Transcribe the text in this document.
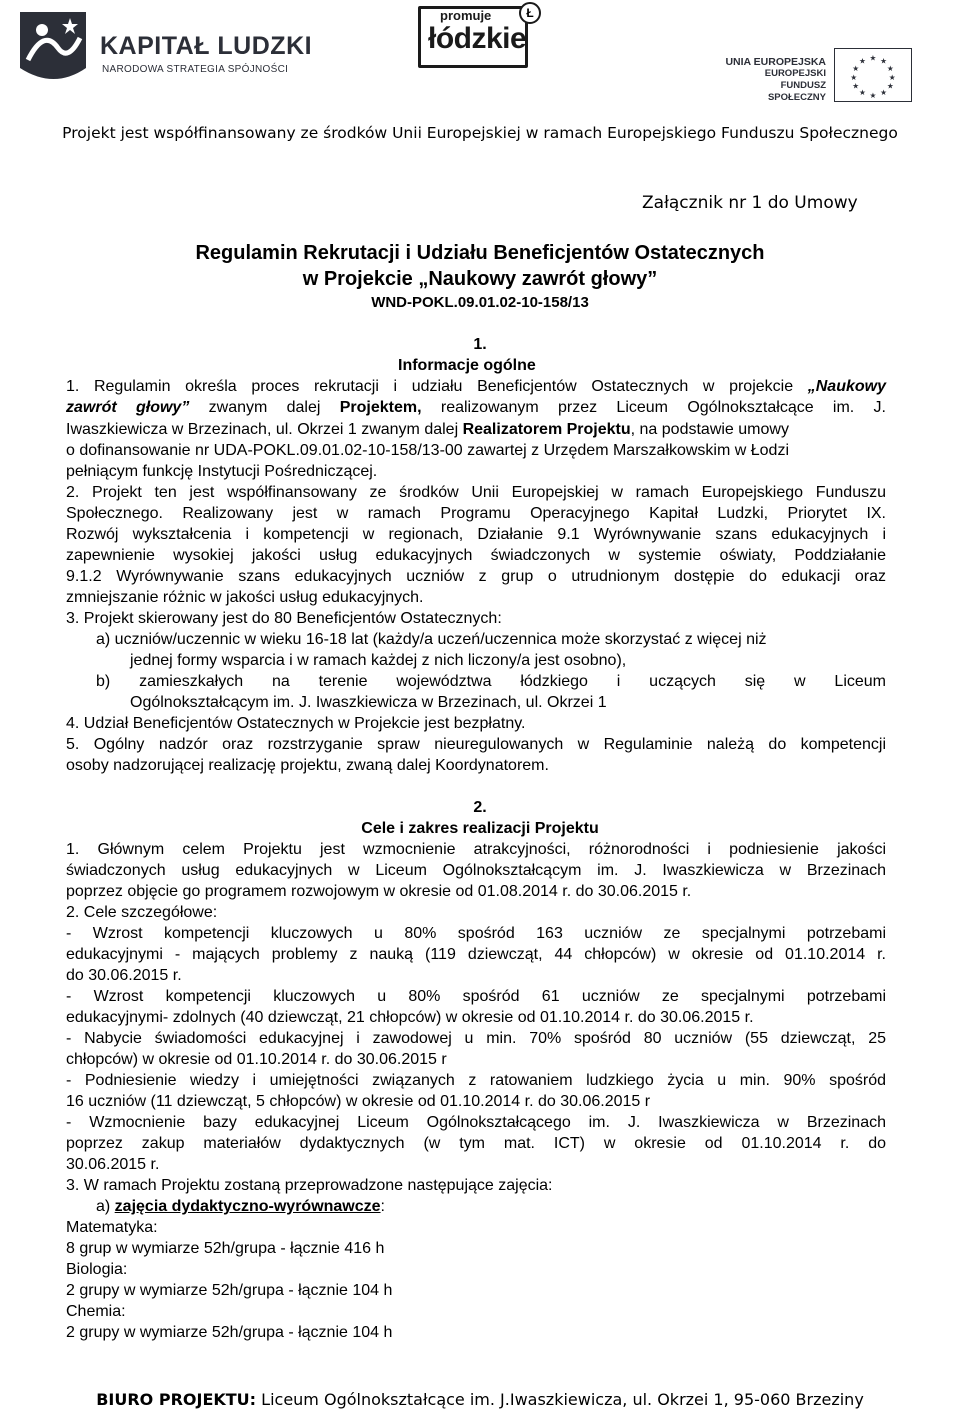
KAPITAŁ LUDZKI
NARODOWA STRATEGIA SPÓJNOŚCI
promuje
łódzkie
Ł
UNIA EUROPEJSKA
EUROPEJSKI
FUNDUSZ SPOŁECZNY
★ ★
★
★
★
★
★
★
★
★
★
★
Projekt jest współfinansowany ze środków Unii Europejskiej w ramach Europejskiego Funduszu Społecznego
Załącznik nr 1 do Umowy
Regulamin Rekrutacji i Udziału Beneficjentów Ostatecznych
w Projekcie „Naukowy zawrót głowy”
WND-POKL.09.01.02-10-158/13
1.
Informacje ogólne
1. Regulamin określa proces rekrutacji i udziału Beneficjentów Ostatecznych w projekcie „Naukowy
zawrót głowy” zwanym dalej Projektem, realizowanym przez Liceum Ogólnokształcące im. J.
Iwaszkiewicza w Brzezinach, ul. Okrzei 1 zwanym dalej Realizatorem Projektu, na podstawie umowy
o dofinansowanie nr UDA-POKL.09.01.02-10-158/13-00 zawartej z Urzędem Marszałkowskim w Łodzi
pełniącym funkcję Instytucji Pośredniczącej.
2. Projekt ten jest współfinansowany ze środków Unii Europejskiej w ramach Europejskiego Funduszu
Społecznego. Realizowany jest w ramach Programu Operacyjnego Kapitał Ludzki, Priorytet IX.
Rozwój wykształcenia i kompetencji w regionach, Działanie 9.1 Wyrównywanie szans edukacyjnych i
zapewnienie wysokiej jakości usług edukacyjnych świadczonych w systemie oświaty, Poddziałanie
9.1.2 Wyrównywanie szans edukacyjnych uczniów z grup o utrudnionym dostępie do edukacji oraz
zmniejszanie różnic w jakości usług edukacyjnych.
3. Projekt skierowany jest do 80 Beneficjentów Ostatecznych:
a) uczniów/uczennic w wieku 16-18 lat (każdy/a uczeń/uczennica może skorzystać z więcej niż
jednej formy wsparcia i w ramach każdej z nich liczony/a jest osobno),
b) zamieszkałych na terenie województwa łódzkiego i uczących się w Liceum
Ogólnokształcącym im. J. Iwaszkiewicza w Brzezinach, ul. Okrzei 1
4. Udział Beneficjentów Ostatecznych w Projekcie jest bezpłatny.
5. Ogólny nadzór oraz rozstrzyganie spraw nieuregulowanych w Regulaminie należą do kompetencji
osoby nadzorującej realizację projektu, zwaną dalej Koordynatorem.
2.
Cele i zakres realizacji Projektu
1. Głównym celem Projektu jest wzmocnienie atrakcyjności, różnorodności i podniesienie jakości
świadczonych usług edukacyjnych w Liceum Ogólnokształcącym im. J. Iwaszkiewicza w Brzezinach
poprzez objęcie go programem rozwojowym w okresie od 01.08.2014 r. do 30.06.2015 r.
2. Cele szczegółowe:
- Wzrost kompetencji kluczowych u 80% spośród 163 uczniów ze specjalnymi potrzebami
edukacyjnymi - mających problemy z nauką (119 dziewcząt, 44 chłopców) w okresie od 01.10.2014 r.
do 30.06.2015 r.
- Wzrost kompetencji kluczowych u 80% spośród 61 uczniów ze specjalnymi potrzebami
edukacyjnymi- zdolnych (40 dziewcząt, 21 chłopców) w okresie od 01.10.2014 r. do 30.06.2015 r.
- Nabycie świadomości edukacyjnej i zawodowej u min. 70% spośród 80 uczniów (55 dziewcząt, 25
chłopców) w okresie od 01.10.2014 r. do 30.06.2015 r
- Podniesienie wiedzy i umiejętności związanych z ratowaniem ludzkiego życia u min. 90% spośród
16 uczniów (11 dziewcząt, 5 chłopców) w okresie od 01.10.2014 r. do 30.06.2015 r
- Wzmocnienie bazy edukacyjnej Liceum Ogólnokształcącego im. J. Iwaszkiewicza w Brzezinach
poprzez zakup materiałów dydaktycznych (w tym mat. ICT) w okresie od 01.10.2014 r. do
30.06.2015 r.
3. W ramach Projektu zostaną przeprowadzone następujące zajęcia:
a) zajęcia dydaktyczno-wyrównawcze:
Matematyka:
8 grup w wymiarze 52h/grupa - łącznie 416 h
Biologia:
2 grupy w wymiarze 52h/grupa - łącznie 104 h
Chemia:
2 grupy w wymiarze 52h/grupa - łącznie 104 h
BIURO PROJEKTU: Liceum Ogólnokształcące im. J.Iwaszkiewicza, ul. Okrzei 1, 95-060 Brzeziny
